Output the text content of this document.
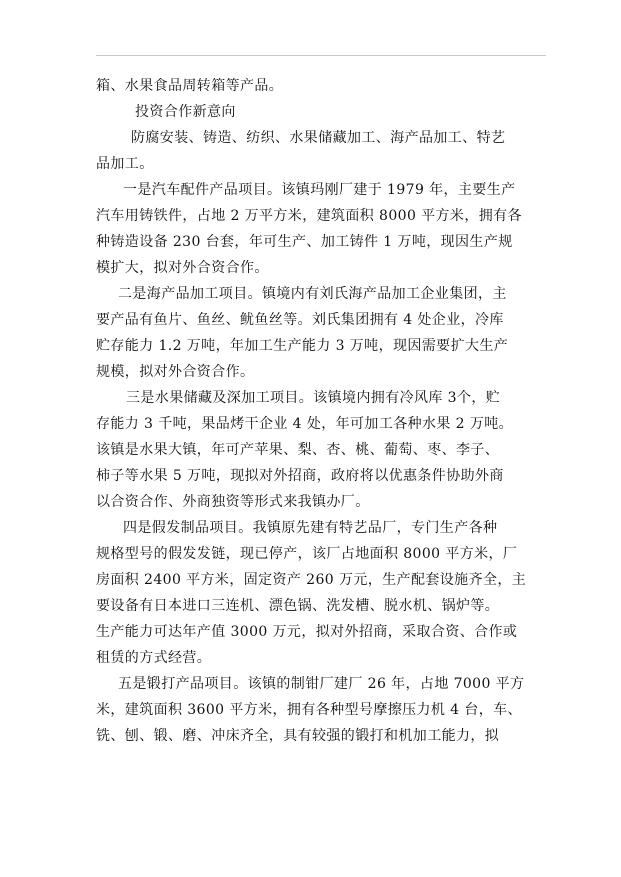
箱、水果食品周转箱等产品。
投资合作新意向
防腐安装、铸造、纺织、水果储藏加工、海产品加工、特艺
品加工。
一是汽车配件产品项目。该镇玛刚厂建于 1979 年，主要生产
汽车用铸铁件，占地 2 万平方米，建筑面积 8000 平方米，拥有各
种铸造设备 230 台套，年可生产、加工铸件 1 万吨，现因生产规
模扩大，拟对外合资合作。
二是海产品加工项目。镇境内有刘氏海产品加工企业集团，主
要产品有鱼片、鱼丝、鱿鱼丝等。刘氏集团拥有 4 处企业，冷库
贮存能力 1.2 万吨，年加工生产能力 3 万吨，现因需要扩大生产
规模，拟对外合资合作。
三是水果储藏及深加工项目。该镇境内拥有冷风库 3个，贮
存能力 3 千吨，果品烤干企业 4 处，年可加工各种水果 2 万吨。
该镇是水果大镇，年可产苹果、梨、杏、桃、葡萄、枣、李子、
柿子等水果 5 万吨，现拟对外招商，政府将以优惠条件协助外商
以合资合作、外商独资等形式来我镇办厂。
四是假发制品项目。我镇原先建有特艺品厂，专门生产各种
规格型号的假发发链，现已停产，该厂占地面积 8000 平方米，厂
房面积 2400 平方米，固定资产 260 万元，生产配套设施齐全，主
要设备有日本进口三连机、漂色锅、洗发槽、脱水机、锅炉等。
生产能力可达年产值 3000 万元，拟对外招商，采取合资、合作或
租赁的方式经营。
五是锻打产品项目。该镇的制钳厂建厂 26 年，占地 7000 平方
米，建筑面积 3600 平方米，拥有各种型号摩擦压力机 4 台，车、
铣、刨、锻、磨、冲床齐全，具有较强的锻打和机加工能力，拟
